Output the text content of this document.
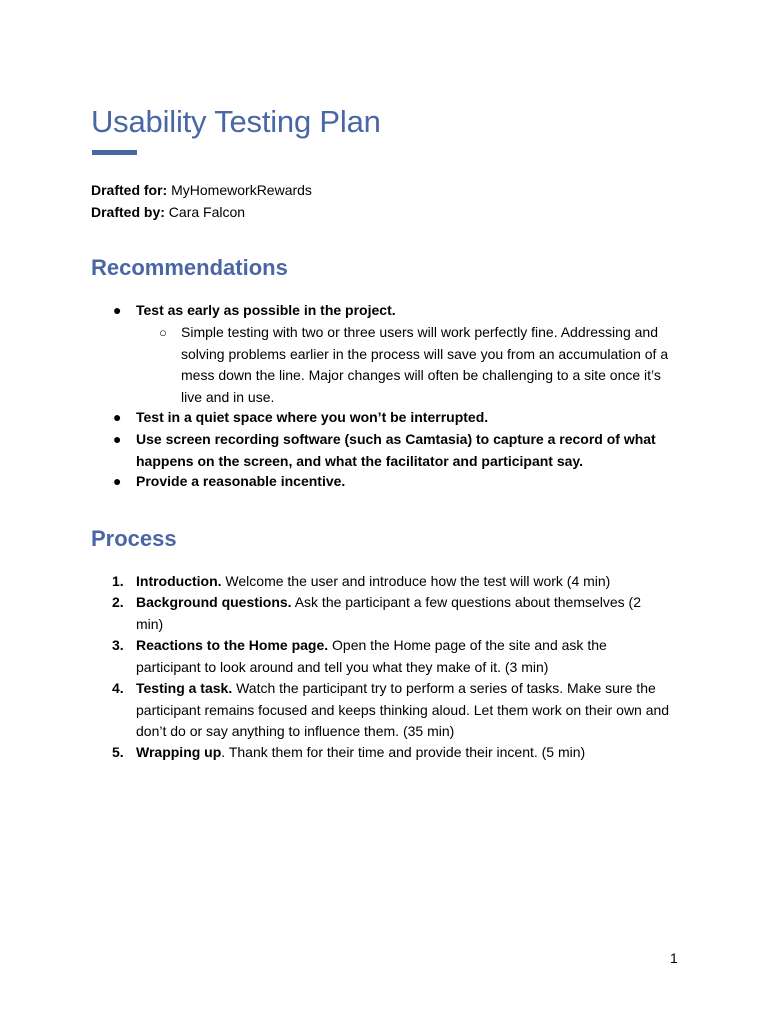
Usability Testing Plan
Drafted for: MyHomeworkRewards
Drafted by: Cara Falcon
Recommendations
● Test as early as possible in the project.
○ Simple testing with two or three users will work perfectly fine. Addressing and solving problems earlier in the process will save you from an accumulation of a mess down the line. Major changes will often be challenging to a site once it’s live and in use.
● Test in a quiet space where you won’t be interrupted.
● Use screen recording software (such as Camtasia) to capture a record of what happens on the screen, and what the facilitator and participant say.
● Provide a reasonable incentive.
Process
1. Introduction. Welcome the user and introduce how the test will work (4 min)
2. Background questions. Ask the participant a few questions about themselves (2 min)
3. Reactions to the Home page. Open the Home page of the site and ask the participant to look around and tell you what they make of it. (3 min)
4. Testing a task. Watch the participant try to perform a series of tasks. Make sure the participant remains focused and keeps thinking aloud. Let them work on their own and don’t do or say anything to influence them. (35 min)
5. Wrapping up. Thank them for their time and provide their incent. (5 min)
1
